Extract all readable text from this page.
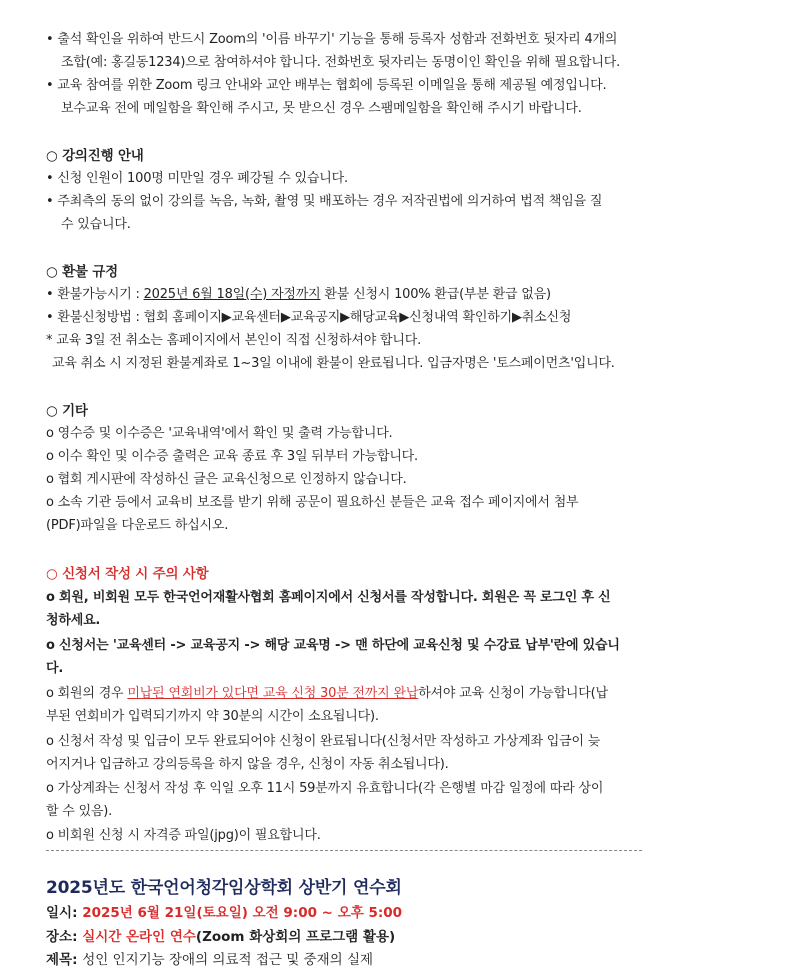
• 출석 확인을 위하여 반드시 Zoom의 '이름 바꾸기' 기능을 통해 등록자 성함과 전화번호 뒷자리 4개의
조합(예: 홍길동1234)으로 참여하셔야 합니다. 전화번호 뒷자리는 동명이인 확인을 위해 필요합니다.
• 교육 참여를 위한 Zoom 링크 안내와 교안 배부는 협회에 등록된 이메일을 통해 제공될 예정입니다.
보수교육 전에 메일함을 확인해 주시고, 못 받으신 경우 스팸메일함을 확인해 주시기 바랍니다.
○ 강의진행 안내
• 신청 인원이 100명 미만일 경우 폐강될 수 있습니다.
• 주최측의 동의 없이 강의를 녹음, 녹화, 촬영 및 배포하는 경우 저작권법에 의거하여 법적 책임을 질
수 있습니다.
○ 환불 규정
• 환불가능시기 : 2025년 6월 18일(수) 자정까지 환불 신청시 100% 환급(부분 환급 없음)
• 환불신청방법 : 협회 홈페이지▶교육센터▶교육공지▶해당교육▶신청내역 확인하기▶취소신청
* 교육 3일 전 취소는 홈페이지에서 본인이 직접 신청하셔야 합니다.
교육 취소 시 지정된 환불계좌로 1~3일 이내에 환불이 완료됩니다. 입금자명은 '토스페이먼츠'입니다.
○ 기타
o 영수증 및 이수증은 '교육내역'에서 확인 및 출력 가능합니다.
o 이수 확인 및 이수증 출력은 교육 종료 후 3일 뒤부터 가능합니다.
o 협회 게시판에 작성하신 글은 교육신청으로 인정하지 않습니다.
o 소속 기관 등에서 교육비 보조를 받기 위해 공문이 필요하신 분들은 교육 접수 페이지에서 첨부
(PDF)파일을 다운로드 하십시오.
○ 신청서 작성 시 주의 사항
o 회원, 비회원 모두 한국언어재활사협회 홈페이지에서 신청서를 작성합니다. 회원은 꼭 로그인 후 신
청하세요.
o 신청서는 '교육센터 -> 교육공지 -> 해당 교육명 -> 맨 하단에 교육신청 및 수강료 납부'란에 있습니
다.
o 회원의 경우 미납된 연회비가 있다면 교육 신청 30분 전까지 완납하셔야 교육 신청이 가능합니다(납
부된 연회비가 입력되기까지 약 30분의 시간이 소요됩니다).
o 신청서 작성 및 입금이 모두 완료되어야 신청이 완료됩니다(신청서만 작성하고 가상계좌 입금이 늦
어지거나 입금하고 강의등록을 하지 않을 경우, 신청이 자동 취소됩니다).
o 가상계좌는 신청서 작성 후 익일 오후 11시 59분까지 유효합니다(각 은행별 마감 일정에 따라 상이
할 수 있음).
o 비회원 신청 시 자격증 파일(jpg)이 필요합니다.
2025년도 한국언어청각임상학회 상반기 연수회
일시: 2025년 6월 21일(토요일) 오전 9:00 ~ 오후 5:00
장소: 실시간 온라인 연수(Zoom 화상회의 프로그램 활용)
제목: 성인 인지기능 장애의 의료적 접근 및 중재의 실제
